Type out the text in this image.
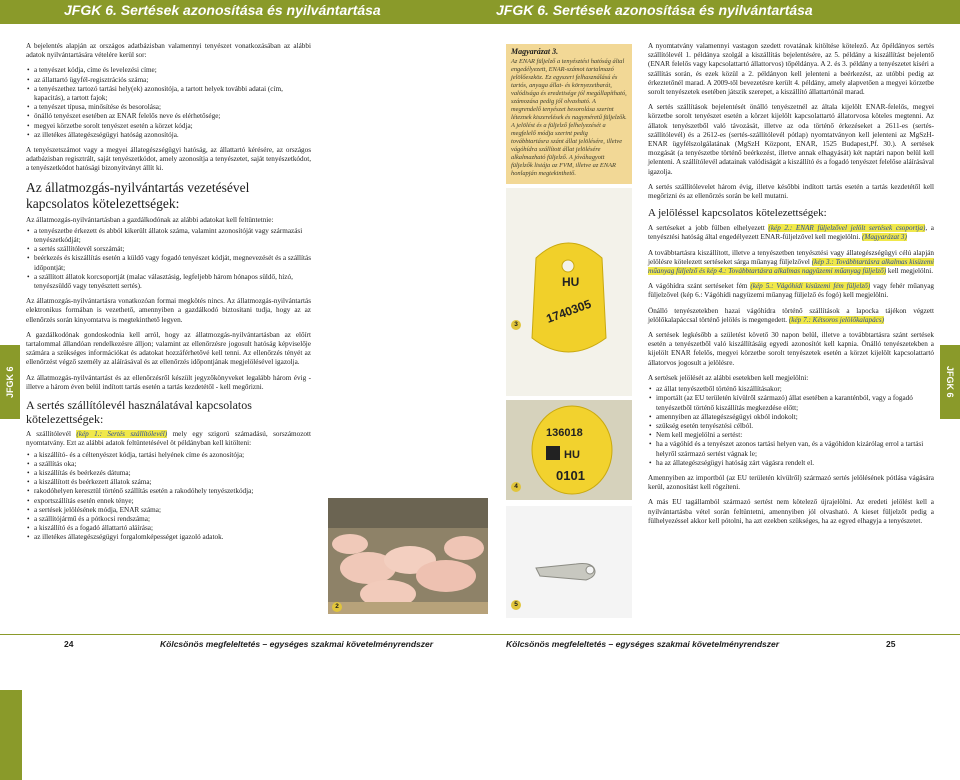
JFGK 6. Sertések azonosítása és nyilvántartása	JFGK 6. Sertések azonosítása és nyilvántartása

A bejelentés alapján az országos adatbázisban valamennyi tenyészet vonatkozásában az alábbi adatok nyilvántartására vételére kerül sor:

• a tenyészet kódja, címe és levelezési címe;
• az állattartó ügyfél-regisztrációs száma;
• a tenyészethez tartozó tartási hely(ek) azonosítója, a tartott helyek további adatai (cím, kapacitás), a tartott fajok;
• a tenyészet típusa, minősítése és besorolása;
• önálló tenyészet esetében az ENAR felelős neve és elérhetősége;
• megyei körzetbe sorolt tenyészet esetén a körzet kódja;
• az illetékes állategészségügyi hatóság azonosítója.

A tenyészetszámot vagy a megyei állategészségügyi hatóság, az állattartó kérésére, az országos adatbázisban regisztrált, saját tenyészetkódot, amely azonosítja a tenyészetet, saját tenyészetkódot, a tenyészetkódot hatósági bizonyítványt állít ki.

Az állatmozgás-nyilvántartás vezetésével kapcsolatos kötelezettségek:

Az állatmozgás-nyilvántartásban a gazdálkodónak az alábbi adatokat kell feltüntetnie:

• a tenyészetbe érkezett és abból kikerült állatok száma, valamint azonosítóját vagy származási tenyészetkódját;
• a sertés szállítólevél sorszámát;
• beérkezés és kiszállítás esetén a küldő vagy fogadó tenyészet kódját, megnevezését és a szállítás időpontját;
• a szállított állatok korcsoportját (malac választásig, legfeljebb három hónapos süldő, hízó, tenyészsüldő vagy tenyésztett sertés).

Az állatmozgás-nyilvántartásra vonatkozóan formai megkötés nincs. Az állatmozgás-nyilvántartás elektronikus formában is vezethető, amennyiben a gazdálkodó biztosítani tudja, hogy az az ellenőrzés során kinyomtatva is megtekinthető legyen.

A gazdálkodónak gondoskodnia kell arról, hogy az állatmozgás-nyilvántartásban az előírt tartalommal állandóan rendelkezésre álljon; valamint az ellenőrzésre jogosult hatóság képviselője számára a szükséges információkat és adatokat hozzáférhetővé kell tenni. Az ellenőrzés tényét az ellenőrzést végző személy az aláírásával és az ellenőrzés időpontjának megjelölésével igazolja.

Az állatmozgás-nyilvántartást és az ellenőrzésről készült jegyzőkönyveket legalább három évig - illetve a három éven belül indított tartás esetén a tartás kezdetétől - kell megőrizni.

A sertés szállítólevél használatával kapcsolatos kötelezettségek:

A szállítólevél (kép 1.: Sertés szállítólevél) mely egy szigorú számadású, sorszámozott nyomtatvány. Ezt az alábbi adatok feltüntetésével öt példányban kell kitölteni:

• a kiszállító- és a céltenyészet kódja, tartási helyének címe és azonosítója;
• a szállítás oka;
• a kiszállítás és beérkezés dátuma;
• a kiszállított és beérkezett állatok száma;
• rakodóhelyen keresztül történő szállítás esetén a rakodóhely tenyészetkódja;
• exportszállítás esetén ennek ténye;
• a sertések jelölésének módja, ENAR száma;
• a szállítójármű és a pótkocsi rendszáma;
• a kiszállító és a fogadó állattartó aláírása;
• az illetékes állategészségügyi forgalomképességet igazoló adatok.
2
Magyarázat 3.
Az ENAR füljelző a tenyésztési hatóság által engedélyezett, ENAR-számot tartalmazó jelölőeszköz. Ez egyszeri felhasználású és tartós, anyaga állat- és környezetbarát, valódisága és eredetisége jól megállapítható, számozása pedig jól olvasható. A megrendelő tenyészet besorolása szerint léteznek kiszerelések és nagyméretű füljelzők. A jelölést és a füljelző felhelyezését a megfelelő módja szerint pedig továbbtartásra szánt állat jelölésére, illetve vágóhídra szállított állat jelölésére alkalmazható füljelző. A jóváhagyott füljelzők listája az FVM, illetve az ENAR honlapján megtekinthető.
HU
1740305
3
136018
HU
0101
4
5

A nyomtatvány valamennyi vastagon szedett rovatának kitöltése kötelező. Az őpéldányos sertés szállítólevél 1. példánya szolgál a kiszállítás bejelentésére, az 5. példány a kiszállítást bejelentő (ENAR felelős vagy kapcsolattartó állattorvos) tőpéldánya. A 2. és 3. példány a tenyészetet kíséri a szállítás során, és ezek közül a 2. példányon kell jelenteni a beérkezést, az utóbbi pedig az érkeztetőnél marad. A 2009-től bevezetésre került 4. példány, amely alapvetően a megyei körzetbe sorolt tenyészetek esetében játszik szerepet, a kiszállító állattartónál marad.

A sertés szállítások bejelentését önálló tenyészetnél az általa kijelölt ENAR-felelős, megyei körzetbe sorolt tenyészet esetén a körzet kijelölt kapcsolattartó állatorvosa köteles megtenni. Az állatok tenyészetből való távozását, illetve az oda történő érkezéseket a 2611-es (sertés-szállítólevél) és a 2612-es (sertés-szállítólevél pótlap) nyomtatványon kell jelenteni az MgSzH-ENAR ügyfélszolgálatának (MgSzH Központ, ENAR, 1525 Budapest,Pf. 30.). A sertések mozgását (a tenyészetbe történő beérkezést, illetve annak elhagyását) két naptári napon belül kell jelenteni. A szállítólevél adatainak valódiságát a kiszállító és a fogadó tenyészet felelőse aláírásával igazolja.

A sertés szállítólevelet három évig, illetve későbbi indított tartás esetén a tartás kezdetétől kell megőrizni és az ellenőrzés során be kell mutatni.

A jelöléssel kapcsolatos kötelezettségek:

A sertéseket a jobb fülben elhelyezett (kép 2.: ENAR füljelzővel jelölt sertések csoportja), a tenyésztési hatóság által engedélyezett ENAR-füljelzővel kell megjelölni. (Magyarázat 3)

A továbbtartásra kiszállított, illetve a tenyészetben tenyésztési vagy állategészségügyi célú alapján jelölésre kötelezett sertéseket sárga műanyag füljelzővel (kép 3.: Továbbtartásra alkalmas kisüzemi műanyag füljelző és kép 4.: Továbbtartásra alkalmas nagyüzemi műanyag füljelző) kell megjelölni.

A vágóhídra szánt sertéseket fém (kép 5.: Vágóhídi kisüzemi fém füljelző) vagy fehér műanyag füljelzővel (kép 6.: Vágóhídi nagyüzemi műanyag füljelző és fogó) kell megjelölni.

Önálló tenyészetekben hazai vágóhídra történő szállítások a lapocka tájékon végzett jelölőkalapáccsal történő jelölés is megengedett. (kép 7.: Kétsoros jelölőkalapács)

A sertések legkésőbb a születést követő 30 napon belül, illetve a továbbtartásra szánt sertések esetén a tenyészetből való kiszállításáig egyedi azonosítót kell kapnia. Önálló tenyészetekben a kijelölt ENAR felelős, megyei körzetbe sorolt tenyészetek esetén a körzet kijelölt kapcsolattartó állatorvos jogosult a jelölésre.

A sertések jelölését az alábbi esetekben kell megjelölni:

• az állat tenyészetből történő kiszállításakor;
• importált (az EU területén kívülről származó) állat esetében a karanténból, vagy a fogadó tenyészetből történő kiszállítás megkezdése előtt;
• amennyiben az állategészségügyi okból indokolt;
• szükség esetén tenyésztési célból.
• Nem kell megjelölni a sertést:
• ha a vágóhíd és a tenyészet azonos tartási helyen van, és a vágóhídon kizárólag errol a tartási helyről származó sertést vágnak le;
• ha az állategészségügyi hatóság zárt vágásra rendelt el.

Amennyiben az importból (az EU területén kívülről) származó sertés jelölésének pótlása vágására kerül, azonosítást kell rögzíteni.

A más EU tagállamból származó sertést nem kötelező újrajelölni. Az eredeti jelölést kell a nyilvántartásba vétel során feltüntetni, amennyiben jól olvasható. A kieset füljelzőt pedig a fülhelyezéssel akkor kell pótolni, ha azt ezekben szükséges, ha az egyed elhagyja a tenyészetet.

24	Kölcsönös megfeleltetés – egységes szakmai követelményrendszer	Kölcsönös megfeleltetés – egységes szakmai követelményrendszer	25
JFGK 6	JFGK 6
